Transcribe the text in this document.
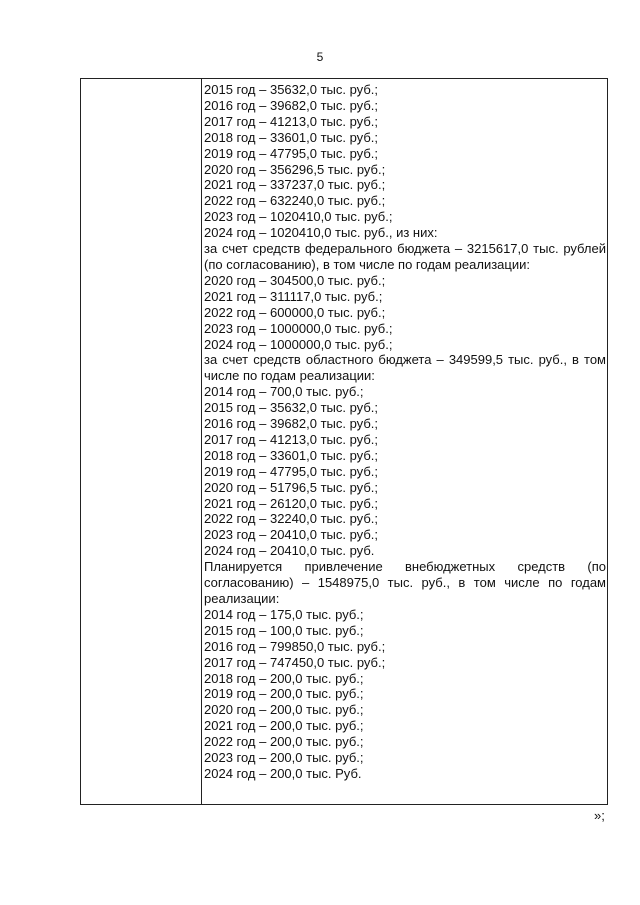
5
2015 год – 35632,0 тыс. руб.;
2016 год – 39682,0 тыс. руб.;
2017 год – 41213,0 тыс. руб.;
2018 год – 33601,0 тыс. руб.;
2019 год – 47795,0 тыс. руб.;
2020 год – 356296,5 тыс. руб.;
2021 год – 337237,0 тыс. руб.;
2022 год – 632240,0 тыс. руб.;
2023 год – 1020410,0 тыс. руб.;
2024 год – 1020410,0 тыс. руб., из них:
за счет средств федерального бюджета – 3215617,0 тыс. рублей (по согласованию), в том числе по годам реализации:
2020 год – 304500,0 тыс. руб.;
2021 год – 311117,0 тыс. руб.;
2022 год – 600000,0 тыс. руб.;
2023 год – 1000000,0 тыс. руб.;
2024 год – 1000000,0 тыс. руб.;
за счет средств областного бюджета – 349599,5 тыс. руб., в том числе по годам реализации:
2014 год – 700,0 тыс. руб.;
2015 год – 35632,0 тыс. руб.;
2016 год – 39682,0 тыс. руб.;
2017 год – 41213,0 тыс. руб.;
2018 год – 33601,0 тыс. руб.;
2019 год – 47795,0 тыс. руб.;
2020 год – 51796,5 тыс. руб.;
2021 год – 26120,0 тыс. руб.;
2022 год – 32240,0 тыс. руб.;
2023 год – 20410,0 тыс. руб.;
2024 год – 20410,0 тыс. руб.
Планируется привлечение внебюджетных средств (по согласованию) – 1548975,0 тыс. руб., в том числе по годам реализации:
2014 год – 175,0 тыс. руб.;
2015 год – 100,0 тыс. руб.;
2016 год – 799850,0 тыс. руб.;
2017 год – 747450,0 тыс. руб.;
2018 год – 200,0 тыс. руб.;
2019 год – 200,0 тыс. руб.;
2020 год – 200,0 тыс. руб.;
2021 год – 200,0 тыс. руб.;
2022 год – 200,0 тыс. руб.;
2023 год – 200,0 тыс. руб.;
2024 год – 200,0 тыс. Руб.
»;
